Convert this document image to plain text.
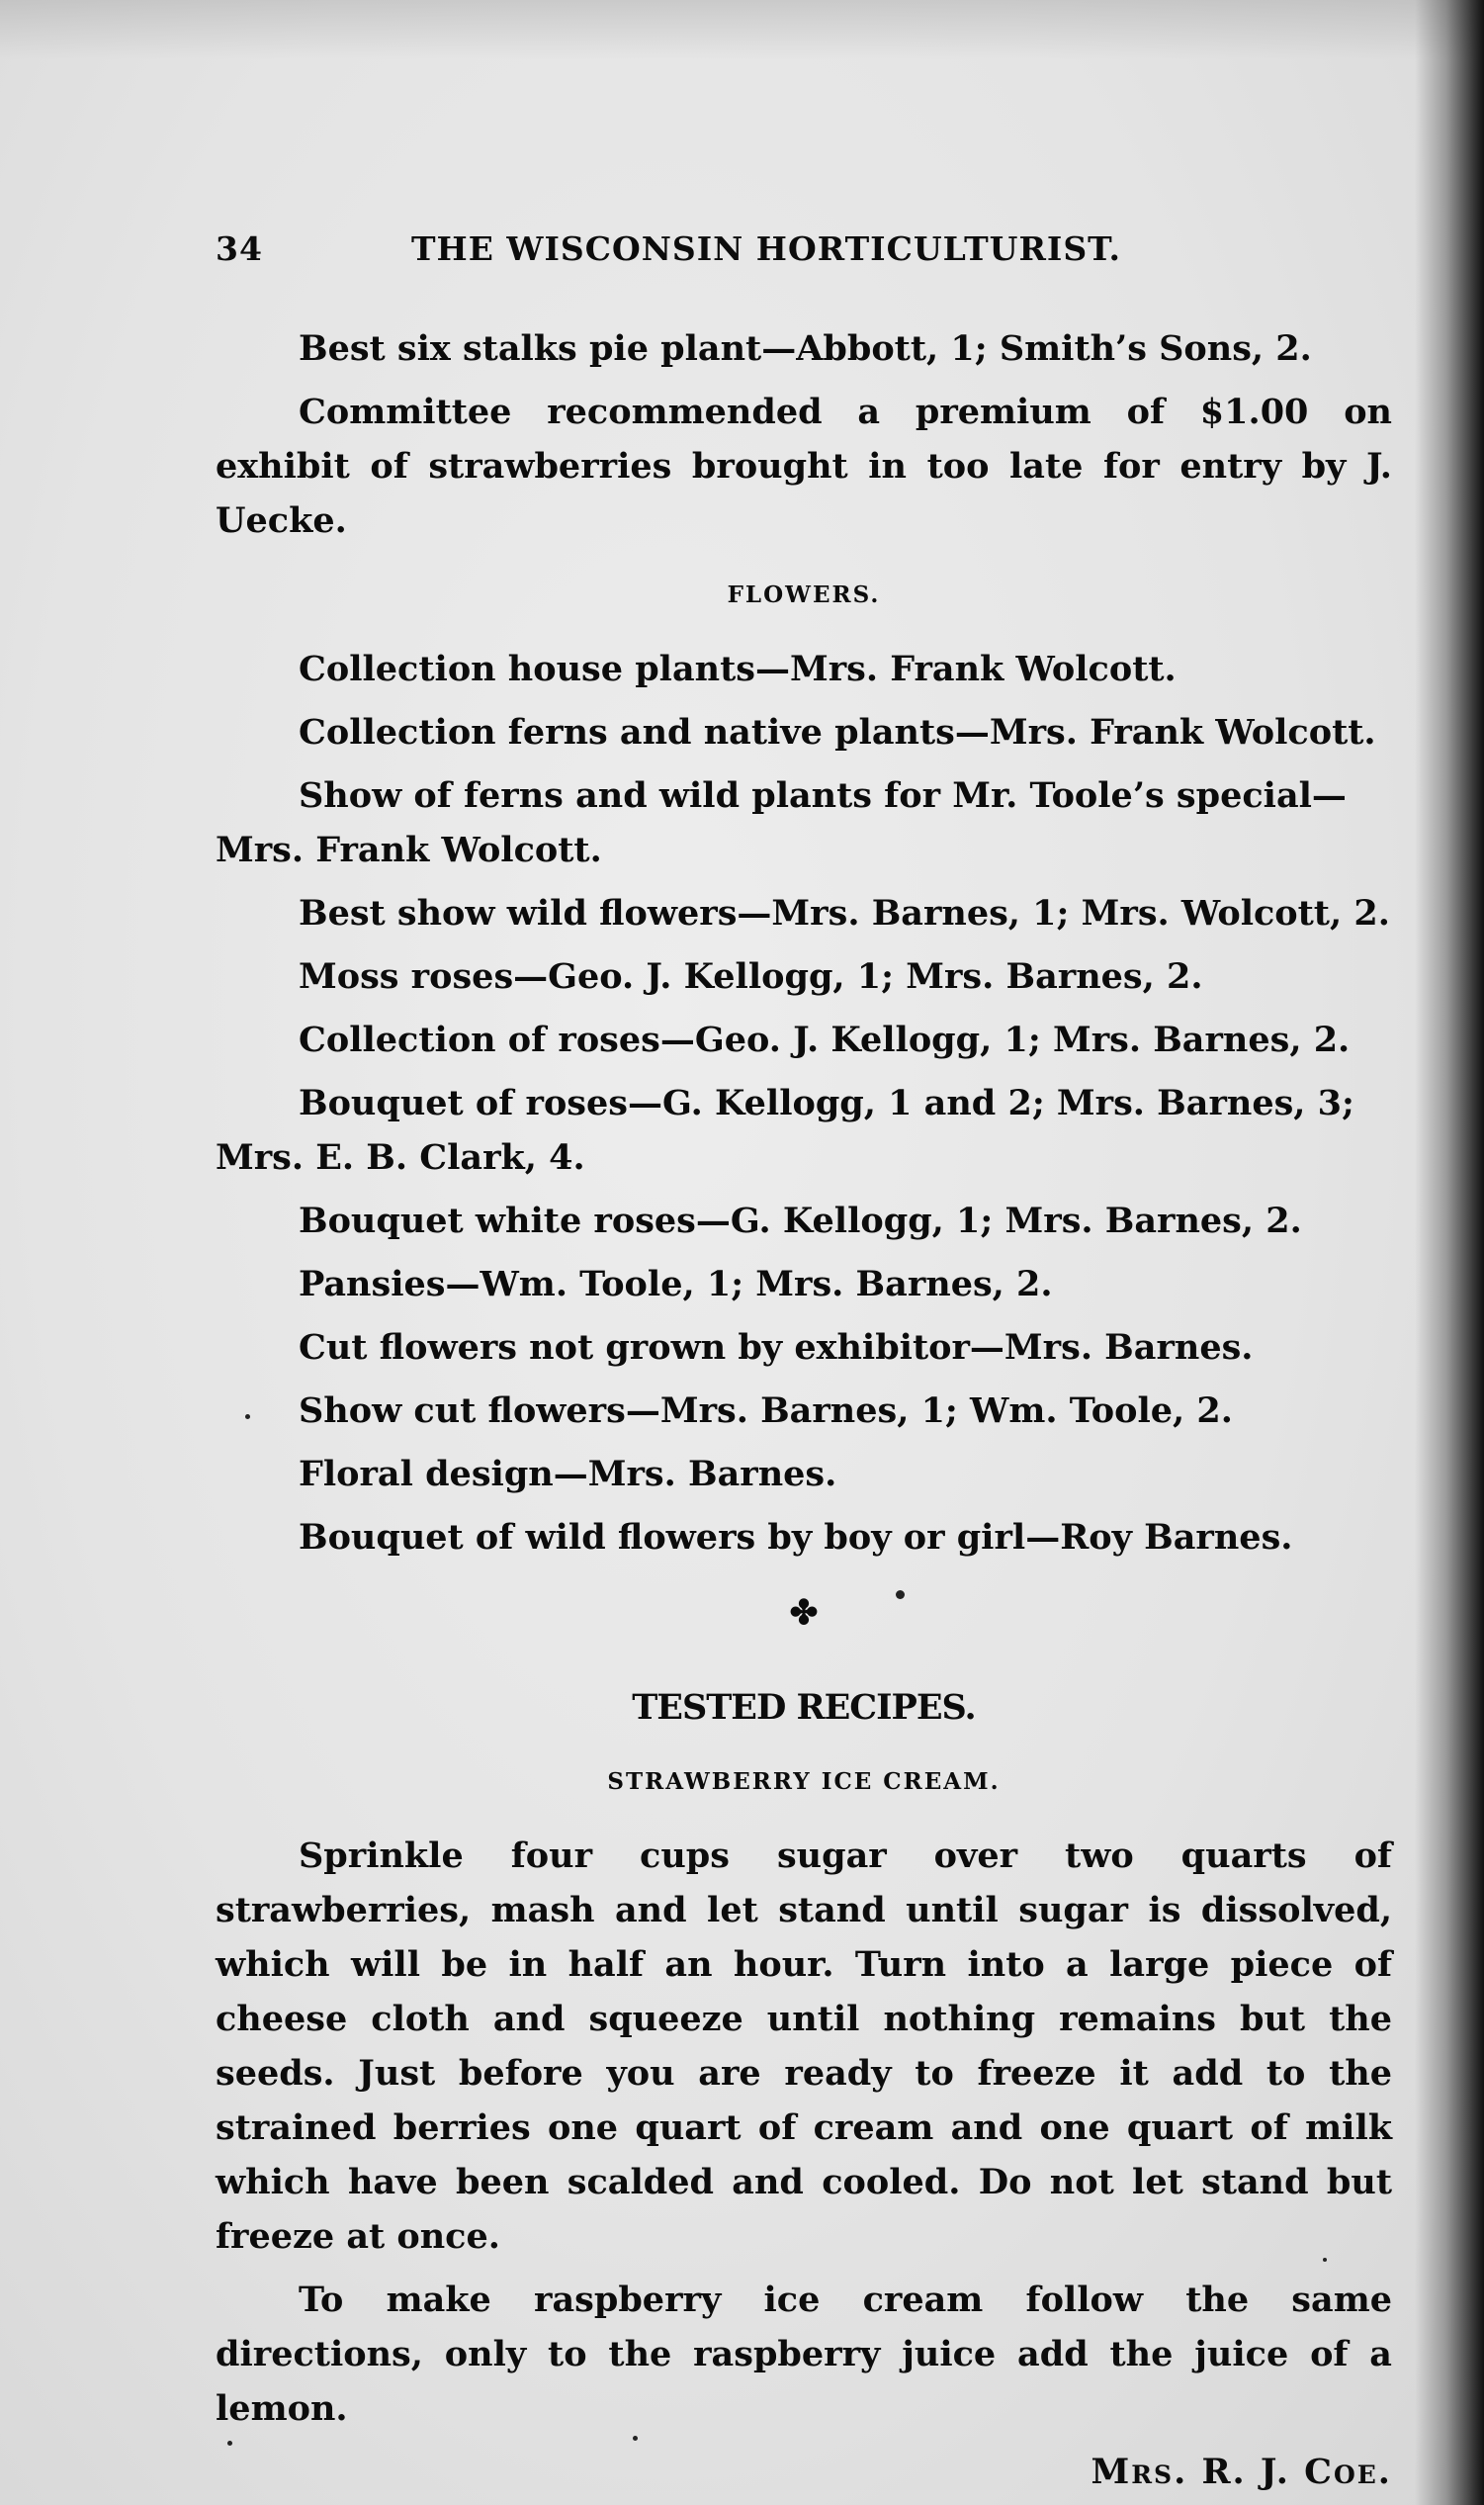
34	THE WISCONSIN HORTICULTURIST.

Best six stalks pie plant—Abbott, 1; Smith’s Sons, 2.

Committee recommended a premium of $1.00 on exhibit of strawberries brought in too late for entry by J. Uecke.

FLOWERS.

Collection house plants—Mrs. Frank Wolcott.

Collection ferns and native plants—Mrs. Frank Wolcott.

Show of ferns and wild plants for Mr. Toole’s special—Mrs. Frank Wolcott.

Best show wild flowers—Mrs. Barnes, 1; Mrs. Wolcott, 2.

Moss roses—Geo. J. Kellogg, 1; Mrs. Barnes, 2.

Collection of roses—Geo. J. Kellogg, 1; Mrs. Barnes, 2.

Bouquet of roses—G. Kellogg, 1 and 2; Mrs. Barnes, 3; Mrs. E. B. Clark, 4.

Bouquet white roses—G. Kellogg, 1; Mrs. Barnes, 2.

Pansies—Wm. Toole, 1; Mrs. Barnes, 2.

Cut flowers not grown by exhibitor—Mrs. Barnes.

Show cut flowers—Mrs. Barnes, 1; Wm. Toole, 2.

Floral design—Mrs. Barnes.

Bouquet of wild flowers by boy or girl—Roy Barnes.

✤

TESTED RECIPES.

STRAWBERRY ICE CREAM.

Sprinkle four cups sugar over two quarts of strawberries, mash and let stand until sugar is dissolved, which will be in half an hour. Turn into a large piece of cheese cloth and squeeze until nothing remains but the seeds. Just before you are ready to freeze it add to the strained berries one quart of cream and one quart of milk which have been scalded and cooled. Do not let stand but freeze at once.

To make raspberry ice cream follow the same directions, only to the raspberry juice add the juice of a lemon.

Mrs. R. J. Coe.
